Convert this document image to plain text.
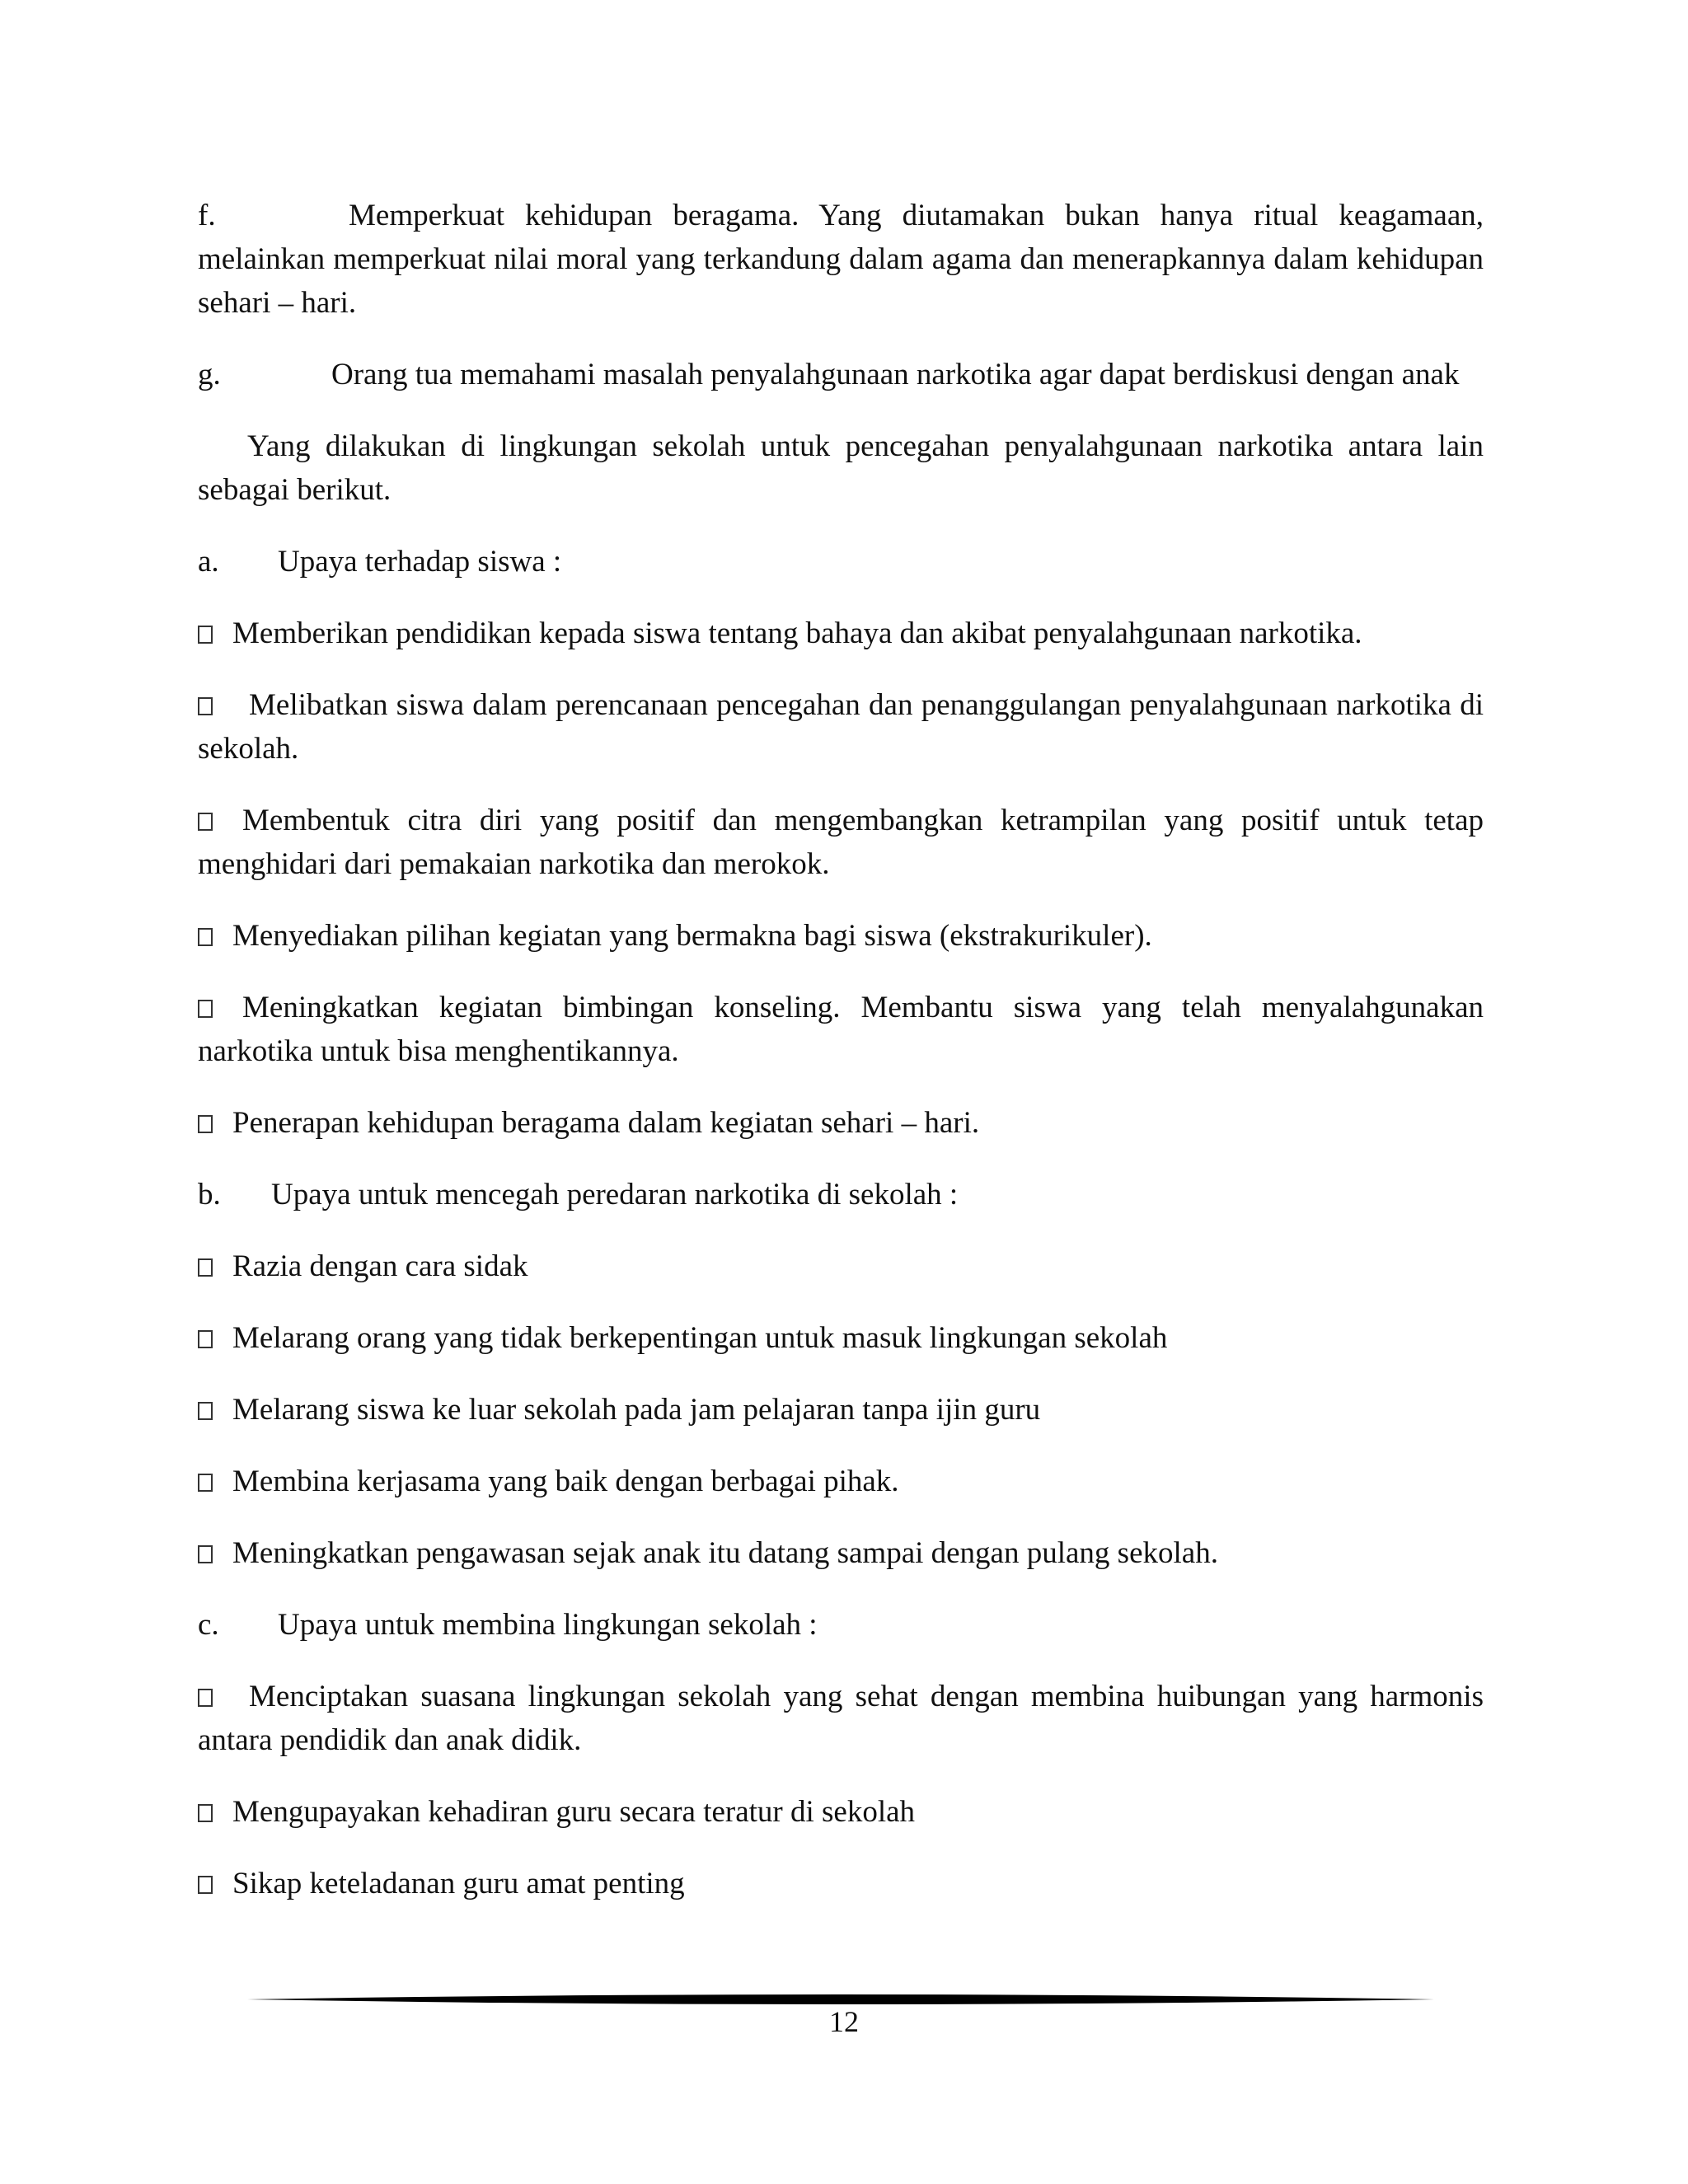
f.	Memperkuat kehidupan beragama. Yang diutamakan bukan hanya ritual keagamaan, melainkan memperkuat nilai moral yang terkandung dalam agama dan menerapkannya dalam kehidupan sehari – hari.

g.	Orang tua memahami masalah penyalahgunaan narkotika agar dapat berdiskusi dengan anak

Yang dilakukan di lingkungan sekolah untuk pencegahan penyalahgunaan narkotika antara lain sebagai berikut.

a. Upaya terhadap siswa :

Memberikan pendidikan kepada siswa tentang bahaya dan akibat penyalahgunaan narkotika.

Melibatkan siswa dalam perencanaan pencegahan dan penanggulangan penyalahgunaan narkotika di sekolah.

Membentuk citra diri yang positif dan mengembangkan ketrampilan yang positif untuk tetap menghidari dari pemakaian narkotika dan merokok.

Menyediakan pilihan kegiatan yang bermakna bagi siswa (ekstrakurikuler).

Meningkatkan kegiatan bimbingan konseling. Membantu siswa yang telah menyalahgunakan narkotika untuk bisa menghentikannya.

Penerapan kehidupan beragama dalam kegiatan sehari – hari.

b. Upaya untuk mencegah peredaran narkotika di sekolah :

Razia dengan cara sidak

Melarang orang yang tidak berkepentingan untuk masuk lingkungan sekolah

Melarang siswa ke luar sekolah pada jam pelajaran tanpa ijin guru

Membina kerjasama yang baik dengan berbagai pihak.

Meningkatkan pengawasan sejak anak itu datang sampai dengan pulang sekolah.

c. Upaya untuk membina lingkungan sekolah :

Menciptakan suasana lingkungan sekolah yang sehat dengan membina huibungan yang harmonis antara pendidik dan anak didik.

Mengupayakan kehadiran guru secara teratur di sekolah

Sikap keteladanan guru amat penting

12
